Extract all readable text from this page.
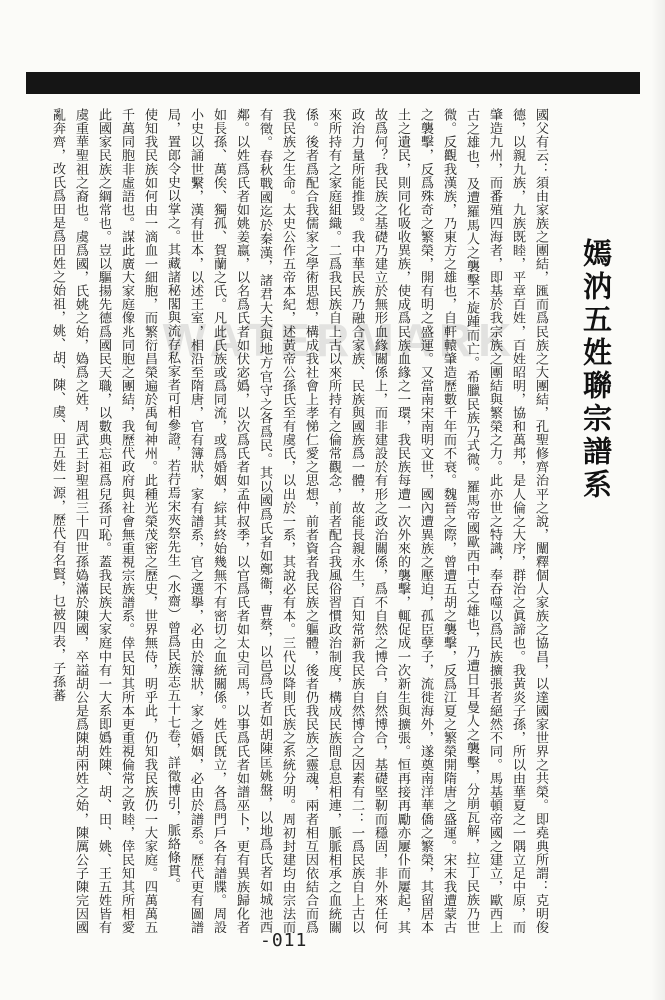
WATERMARK	嫣汭五姓聯宗譜系

國父有云：須由家族之團結，匯而爲民族之大團結，孔聖修齊治平之說，闡釋個人家族之協昌，以達國家世界之共榮。即堯典所謂：克明俊德，以親九族，九族既睦，平章百姓，百姓昭明，協和萬邦，是人倫之大序，群治之眞諦也。我黃炎子孫，所以由華夏之一隅立足中原，而肇造九州，而番殖四海者，即基於我宗族之團結與繁榮之力。此亦世之特識，奉吞噬以爲民族擴張者絕然不同。馬基頓帝國之建立，歐西上古之雄也，及遭羅馬人之襲擊不旋踵而亡。希臘民族乃式微。羅馬帝國歐西中古之雄也，乃遭日耳曼人之襲擊，分崩瓦解，拉丁民族乃世微。反觀我漢族，乃東方之雄也，自軒轅肇造歷數千年而不衰。魏晉之際，曾遭五胡之襲擊，反爲江夏之繁榮開隋唐之盛運。宋末我遭蒙古之襲擊，反爲殊奇之繁榮，開有明之盛運。又當南宋南明文世，國內遭異族之壓迫，孤臣孽子，流徙海外，遂奠南洋華僑之繁榮，其留居本土之遺民，則同化吸收異族，使成爲民族血緣之一環，我民族每遭一次外來的襲擊，輒促成一次新生與擴張。恒再接再勵亦屢仆而屢起，其故爲何？我民族之基礎乃建立於無形血緣關係上，而非建設於有形之政治關係，爲不自然之博合，自然博合，基礎堅靭而穩固，非外來任何政治力量所能推毀。我中華民族乃融合家族、民族與國族爲一體，故能長親永生，百知常新我民族自然博合之因素有二：一爲民族自上古以來所持有之家庭組織。二爲我民族自上古以來所持有之倫常觀念，前者配合我風俗習慣政治制度，構成民族間息息相連，脈脈相承之血統關係。後者爲配合我儒家之學術思想，構成我社會上孝悌仁愛之思想，前者資者我民族之軀體，後者仍我民族之靈魂，兩者相互因依結合而爲我民族之生命。太史公作五帝本紀，述黃帝公孫氏至有虞氏，以出於一系，其說必有本。三代以降則氏族之系統分明。周初封建均由宗法而有徵。春秋戰國迄於秦漢，諸君大夫與地方官守之各爲民。其以國爲氏者如鄭衞，曹蔡，以邑爲氏者如胡陳匡姚盤，以地爲氏者如城池西鄰。以姓爲氏者如姚姜嬴，以名爲氏者如伏宓嬀，以次爲氏者如孟仲叔季，以官爲氏者如太史司馬，以事爲氏者如譜巫卜，更有異族歸化者如長孫、萬俟、獨孤、賀蘭之氏。凡此氏族或爲同流，或爲婚姻，綜其終始幾無不有密切之血統關係。姓氏旣立，各爲門戶各有譜牒。周設小史以誦世繫，漢有世本，以述王室，相沿至隋唐，官有簿狀，家有譜系，官之選擧，必由於簿狀，家之婚姻，必由於譜系。歷代更有圖譜局，置郎令史以掌之。其藏諸秘閣與流存私家者可相參證，若荇焉宋夾祭先生（水齋）曾爲民族志五十七卷，詳徵博引，脈絡條貫。

使知我民族如何由一滴血一細胞，而繁衍昌榮遍於禹甸神州。此種光榮茂密之歷史，世界無侍，明乎此，仍知我民族仍一大家庭。四萬萬五千萬同胞非虛語也。謀此廣大家庭像兆同胞之團結，我歷代政府與社會無重視宗族譜系。倖民知其所本更重視倫常之敦睦，倖民知其所相愛此國家民族之綱常也。豈以驅揚先德爲國民天職，以數典忘祖爲兒孫可恥。蓋我民族大家庭中有一大系即嬀姓陳、胡、田、姚、王五姓皆有虞重華聖祖之裔也。虞爲國，氏姚之始，媯爲之姓，周武王封聖祖三十四世孫媯滿於陳國，卒謚胡公是爲陳胡兩姓之始，陳厲公子陳完因國亂奔齊，改氏爲田是爲田姓之始祖，姚、胡、陳、虞、田五姓一源，歷代有名賢，乜被四表，子孫蕃

-011
